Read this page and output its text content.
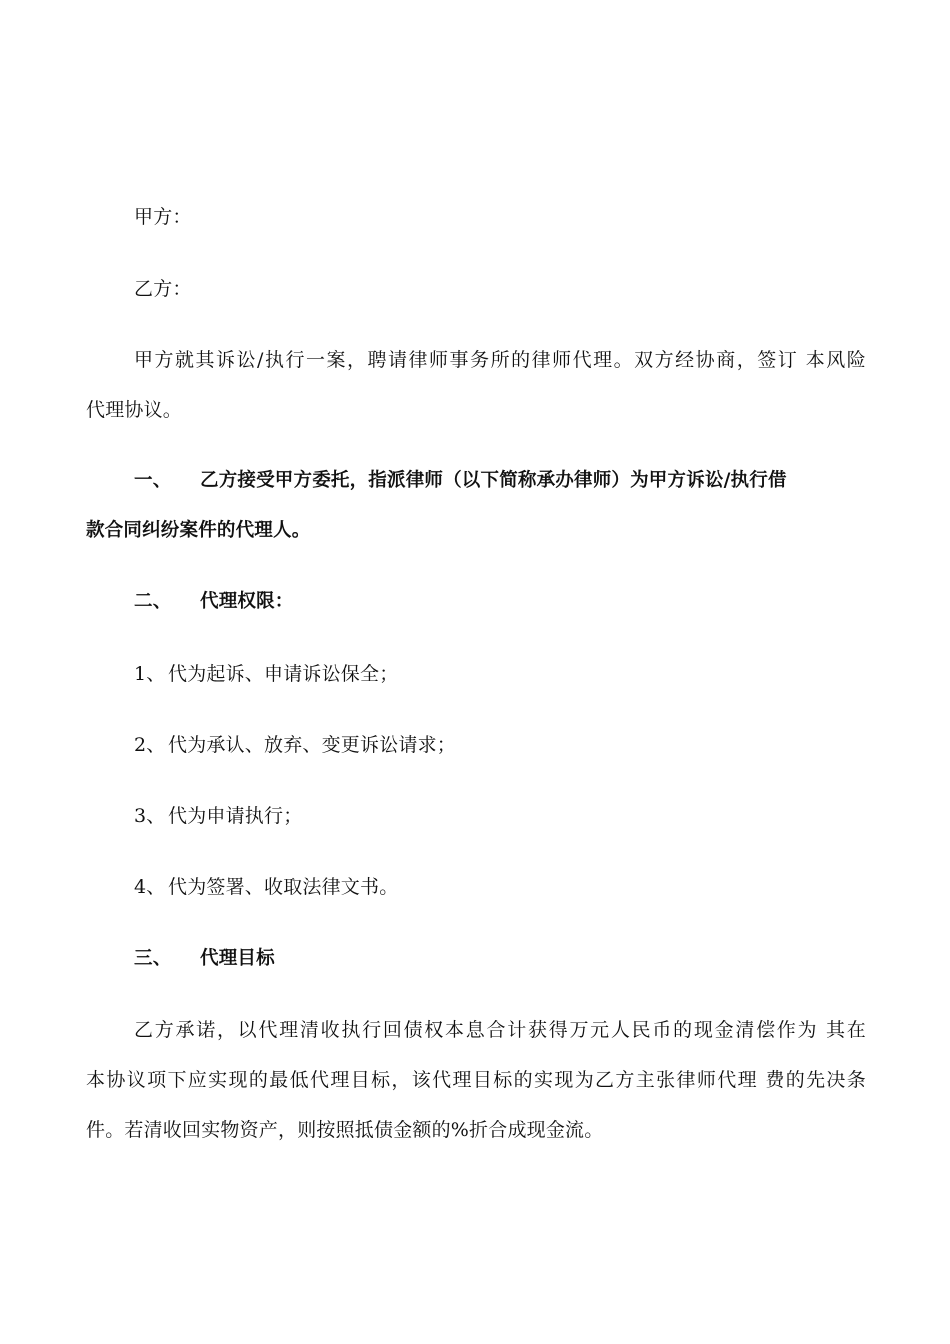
甲方：
乙方：
甲方就其诉讼/执行一案，聘请律师事务所的律师代理。双方经协商，签订 本风险
代理协议。
一、 乙方接受甲方委托，指派律师（以下简称承办律师）为甲方诉讼/执行借
款合同纠纷案件的代理人。
二、 代理权限：
1、 代为起诉、申请诉讼保全；
2、 代为承认、放弃、变更诉讼请求；
3、 代为申请执行；
4、 代为签署、收取法律文书。
三、 代理目标
乙方承诺，以代理清收执行回债权本息合计获得万元人民币的现金清偿作为 其在
本协议项下应实现的最低代理目标，该代理目标的实现为乙方主张律师代理 费的先决条
件。若清收回实物资产，则按照抵债金额的%折合成现金流。
